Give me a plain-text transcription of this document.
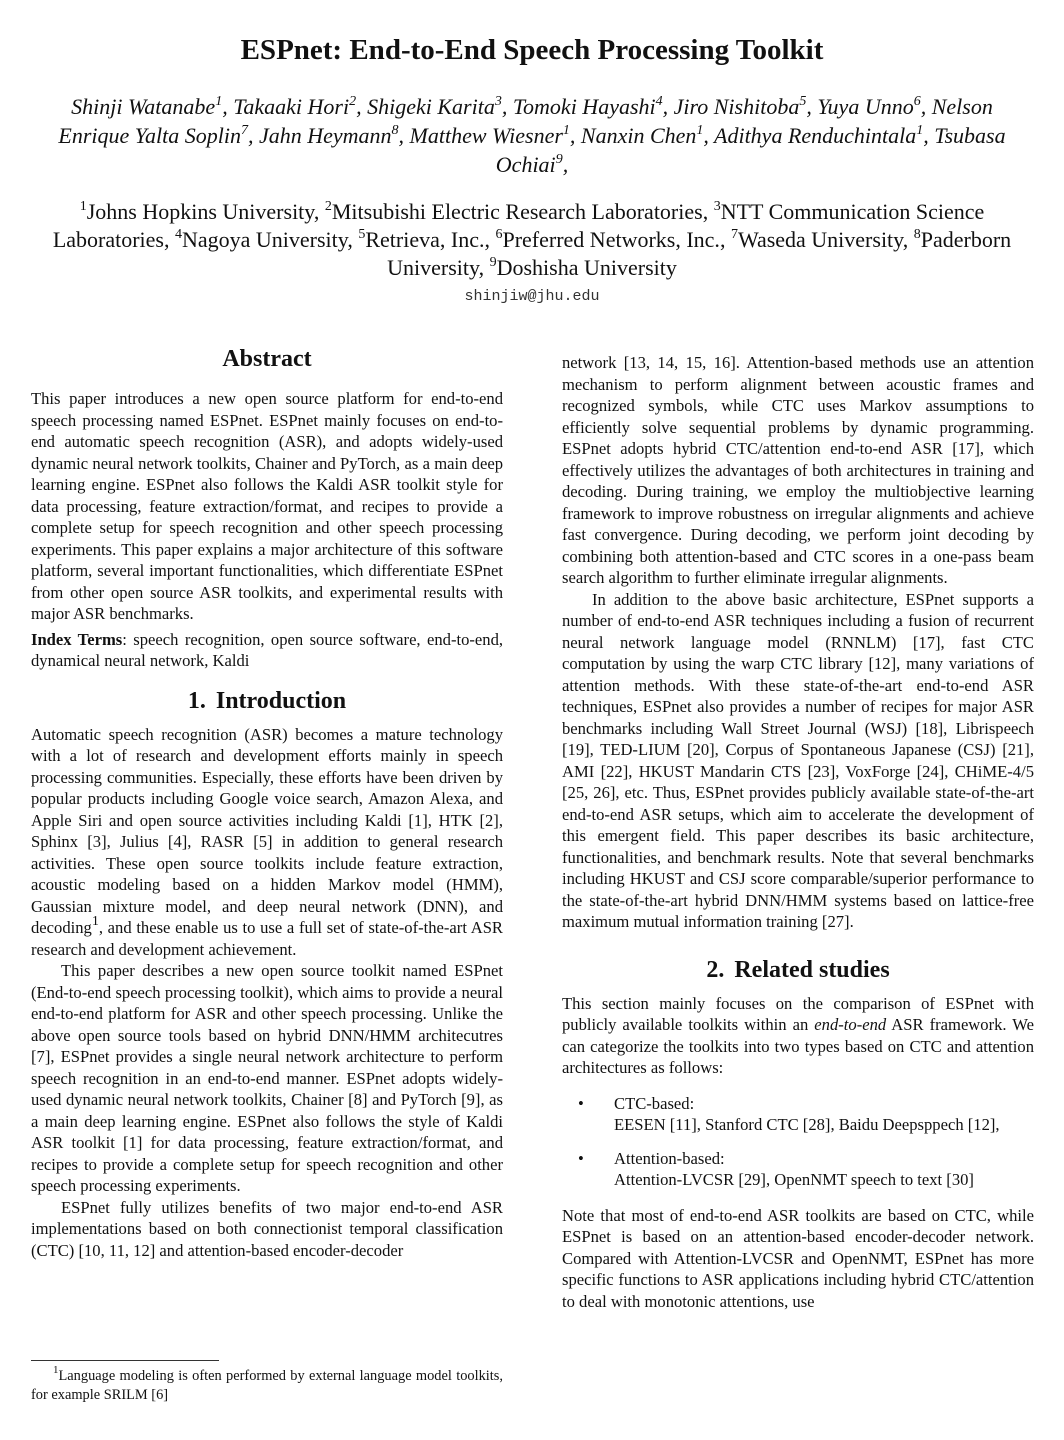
ESPnet: End-to-End Speech Processing Toolkit

Shinji Watanabe$^1$, Takaaki Hori$^2$, Shigeki Karita$^3$, Tomoki Hayashi$^4$, Jiro Nishitoba$^5$, Yuya Unno$^6$, Nelson Enrique Yalta Soplin$^7$, Jahn Heymann$^8$, Matthew Wiesner$^1$, Nanxin Chen$^1$, Adithya Renduchintala$^1$, Tsubasa Ochiai$^9$,

$^1$Johns Hopkins University, $^2$Mitsubishi Electric Research Laboratories, $^3$NTT Communication Science Laboratories, $^4$Nagoya University, $^5$Retrieva, Inc., $^6$Preferred Networks, Inc., $^7$Waseda University, $^8$Paderborn University, $^9$Doshisha University

shinjiw@jhu.edu

Abstract

This paper introduces a new open source platform for end-to-end speech processing named ESPnet. ESPnet mainly focuses on end-to-end automatic speech recognition (ASR), and adopts widely-used dynamic neural network toolkits, Chainer and PyTorch, as a main deep learning engine. ESPnet also follows the Kaldi ASR toolkit style for data processing, feature extraction/format, and recipes to provide a complete setup for speech recognition and other speech processing experiments. This paper explains a major architecture of this software platform, several important functionalities, which differentiate ESPnet from other open source ASR toolkits, and experimental results with major ASR benchmarks.

Index Terms: speech recognition, open source software, end-to-end, dynamical neural network, Kaldi

1. Introduction

Automatic speech recognition (ASR) becomes a mature technology with a lot of research and development efforts mainly in speech processing communities. Especially, these efforts have been driven by popular products including Google voice search, Amazon Alexa, and Apple Siri and open source activities including Kaldi [1], HTK [2], Sphinx [3], Julius [4], RASR [5] in addition to general research activities. These open source toolkits include feature extraction, acoustic modeling based on a hidden Markov model (HMM), Gaussian mixture model, and deep neural network (DNN), and decoding$^1$, and these enable us to use a full set of state-of-the-art ASR research and development achievement.

This paper describes a new open source toolkit named ESPnet (End-to-end speech processing toolkit), which aims to provide a neural end-to-end platform for ASR and other speech processing. Unlike the above open source tools based on hybrid DNN/HMM architecutres [7], ESPnet provides a single neural network architecture to perform speech recognition in an end-to-end manner. ESPnet adopts widely-used dynamic neural network toolkits, Chainer [8] and PyTorch [9], as a main deep learning engine. ESPnet also follows the style of Kaldi ASR toolkit [1] for data processing, feature extraction/format, and recipes to provide a complete setup for speech recognition and other speech processing experiments.

ESPnet fully utilizes benefits of two major end-to-end ASR implementations based on both connectionist temporal classification (CTC) [10, 11, 12] and attention-based encoder-decoder

$^1$Language modeling is often performed by external language model toolkits, for example SRILM [6]

network [13, 14, 15, 16]. Attention-based methods use an attention mechanism to perform alignment between acoustic frames and recognized symbols, while CTC uses Markov assumptions to efficiently solve sequential problems by dynamic programming. ESPnet adopts hybrid CTC/attention end-to-end ASR [17], which effectively utilizes the advantages of both architectures in training and decoding. During training, we employ the multiobjective learning framework to improve robustness on irregular alignments and achieve fast convergence. During decoding, we perform joint decoding by combining both attention-based and CTC scores in a one-pass beam search algorithm to further eliminate irregular alignments.

In addition to the above basic architecture, ESPnet supports a number of end-to-end ASR techniques including a fusion of recurrent neural network language model (RNNLM) [17], fast CTC computation by using the warp CTC library [12], many variations of attention methods. With these state-of-the-art end-to-end ASR techniques, ESPnet also provides a number of recipes for major ASR benchmarks including Wall Street Journal (WSJ) [18], Librispeech [19], TED-LIUM [20], Corpus of Spontaneous Japanese (CSJ) [21], AMI [22], HKUST Mandarin CTS [23], VoxForge [24], CHiME-4/5 [25, 26], etc. Thus, ESPnet provides publicly available state-of-the-art end-to-end ASR setups, which aim to accelerate the development of this emergent field. This paper describes its basic architecture, functionalities, and benchmark results. Note that several benchmarks including HKUST and CSJ score comparable/superior performance to the state-of-the-art hybrid DNN/HMM systems based on lattice-free maximum mutual information training [27].

2. Related studies

This section mainly focuses on the comparison of ESPnet with publicly available toolkits within an end-to-end ASR framework. We can categorize the toolkits into two types based on CTC and attention architectures as follows:

•	CTC-based:
EESEN [11], Stanford CTC [28], Baidu Deepsppech [12],
•	Attention-based:
Attention-LVCSR [29], OpenNMT speech to text [30]

Note that most of end-to-end ASR toolkits are based on CTC, while ESPnet is based on an attention-based encoder-decoder network. Compared with Attention-LVCSR and OpenNMT, ESPnet has more specific functions to ASR applications including hybrid CTC/attention to deal with monotonic attentions, use
